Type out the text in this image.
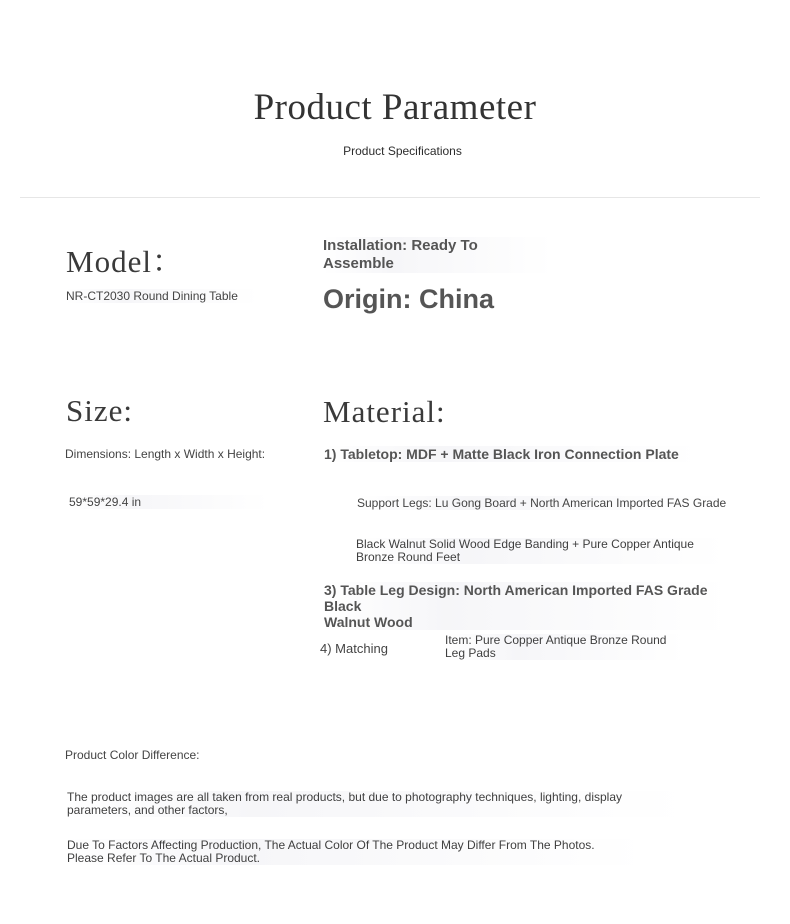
Product Parameter
Product Specifications
Model：
NR-CT2030 Round Dining Table
Installation: Ready To
Assemble
Origin: China
Size:
Dimensions: Length x Width x Height:
59*59*29.4 in
Material:
1) Tabletop: MDF + Matte Black Iron Connection Plate
Support Legs: Lu Gong Board + North American Imported FAS Grade
Black Walnut Solid Wood Edge Banding + Pure Copper Antique
Bronze Round Feet
3) Table Leg Design: North American Imported FAS Grade Black
Walnut Wood
4) Matching
Item: Pure Copper Antique Bronze Round
Leg Pads
Product Color Difference:
The product images are all taken from real products, but due to photography techniques, lighting, display
parameters, and other factors,
Due To Factors Affecting Production, The Actual Color Of The Product May Differ From The Photos.
Please Refer To The Actual Product.
